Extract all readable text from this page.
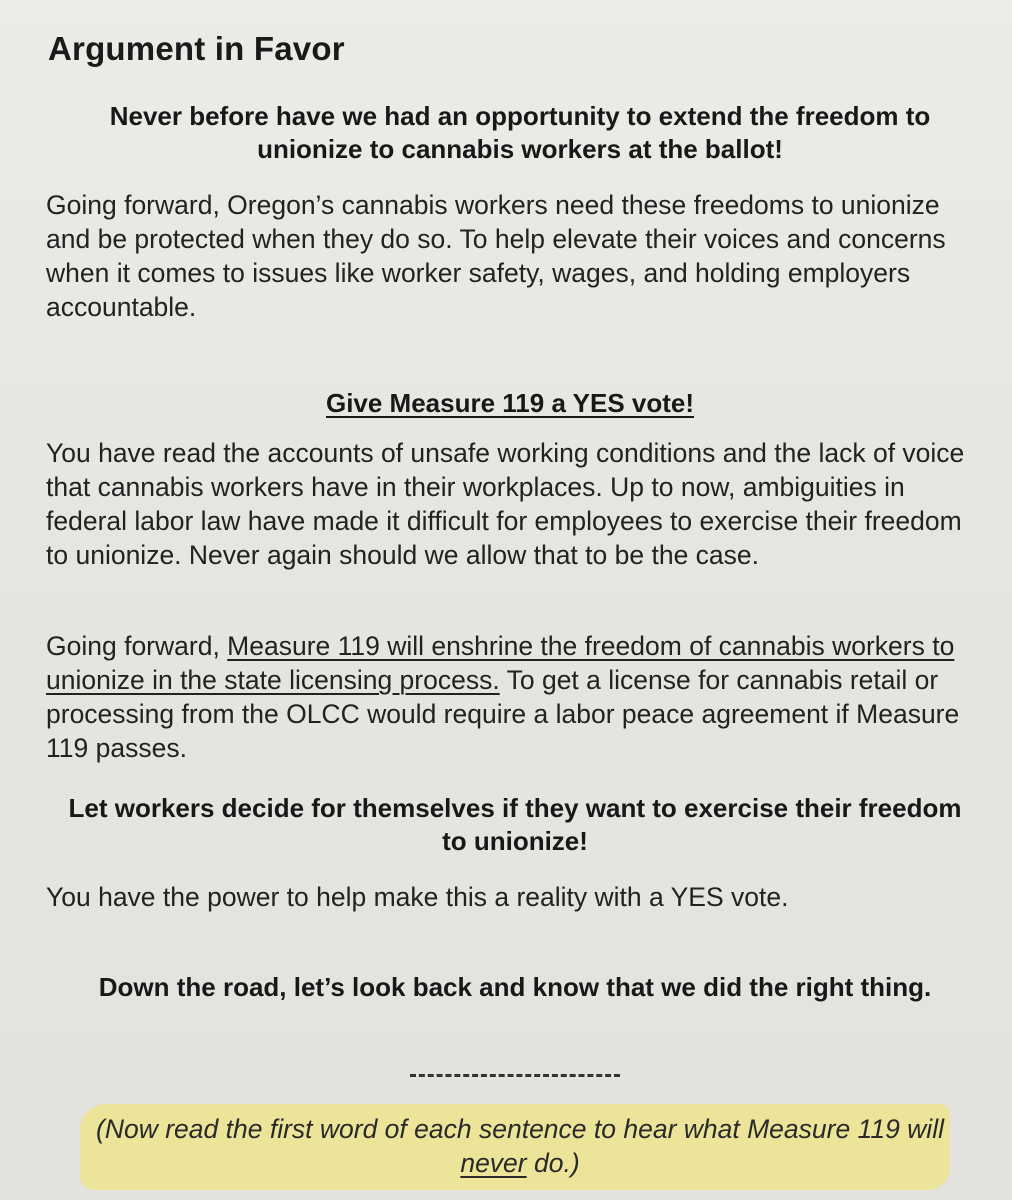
Argument in Favor
Never before have we had an opportunity to extend the freedom to unionize to cannabis workers at the ballot!
Going forward, Oregon’s cannabis workers need these freedoms to unionize and be protected when they do so. To help elevate their voices and concerns when it comes to issues like worker safety, wages, and holding employers accountable.
Give Measure 119 a YES vote!
You have read the accounts of unsafe working conditions and the lack of voice that cannabis workers have in their workplaces. Up to now, ambiguities in federal labor law have made it difficult for employees to exercise their freedom to unionize. Never again should we allow that to be the case.
Going forward, Measure 119 will enshrine the freedom of cannabis workers to unionize in the state licensing process. To get a license for cannabis retail or processing from the OLCC would require a labor peace agreement if Measure 119 passes.
Let workers decide for themselves if they want to exercise their freedom to unionize!
You have the power to help make this a reality with a YES vote.
Down the road, let’s look back and know that we did the right thing.
(Now read the first word of each sentence to hear what Measure 119 will never do.)
